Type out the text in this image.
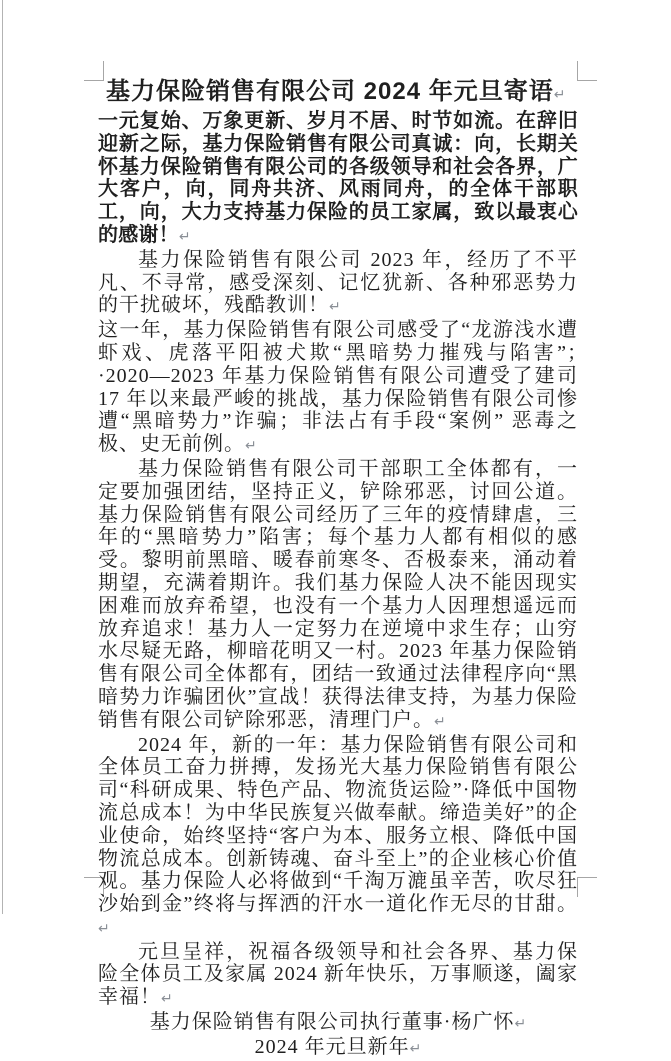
基力保险销售有限公司 2024 年元旦寄语↵

一元复始、万象更新、岁月不居、时节如流。在辞旧迎新之际，基力保险销售有限公司真诚：向，长期关怀基力保险销售有限公司的各级领导和社会各界，广大客户，向，同舟共济、风雨同舟，的全体干部职工，向，大力支持基力保险的员工家属，致以最衷心的感谢！↵

基力保险销售有限公司 2023 年，经历了不平凡、不寻常，感受深刻、记忆犹新、各种邪恶势力的干扰破坏，残酷教训！↵

这一年，基力保险销售有限公司感受了“龙游浅水遭虾戏、虎落平阳被犬欺“黑暗势力摧残与陷害”；·2020—2023 年基力保险销售有限公司遭受了建司 17 年以来最严峻的挑战，基力保险销售有限公司惨遭“黑暗势力”诈骗；非法占有手段“案例” 恶毒之极、史无前例。↵

基力保险销售有限公司干部职工全体都有，一定要加强团结，坚持正义，铲除邪恶，讨回公道。基力保险销售有限公司经历了三年的疫情肆虐，三年的“黑暗势力”陷害；每个基力人都有相似的感受。黎明前黑暗、暖春前寒冬、否极泰来，涌动着期望，充满着期许。我们基力保险人决不能因现实困难而放弃希望，也没有一个基力人因理想遥远而放弃追求！基力人一定努力在逆境中求生存；山穷水尽疑无路，柳暗花明又一村。2023 年基力保险销售有限公司全体都有，团结一致通过法律程序向“黑暗势力诈骗团伙”宣战！获得法律支持，为基力保险销售有限公司铲除邪恶，清理门户。↵

2024 年，新的一年：基力保险销售有限公司和全体员工奋力拼搏，发扬光大基力保险销售有限公司“科研成果、特色产品、物流货运险”·降低中国物流总成本！为中华民族复兴做奉献。缔造美好”的企业使命，始终坚持“客户为本、服务立根、降低中国物流总成本。创新铸魂、奋斗至上”的企业核心价值观。基力保险人必将做到“千淘万漉虽辛苦，吹尽狂沙始到金”终将与挥洒的汗水一道化作无尽的甘甜。↵

元旦呈祥，祝福各级领导和社会各界、基力保险全体员工及家属 2024 新年快乐，万事顺遂，阖家幸福！↵

基力保险销售有限公司执行董事·杨广怀↵

2024 年元旦新年↵
